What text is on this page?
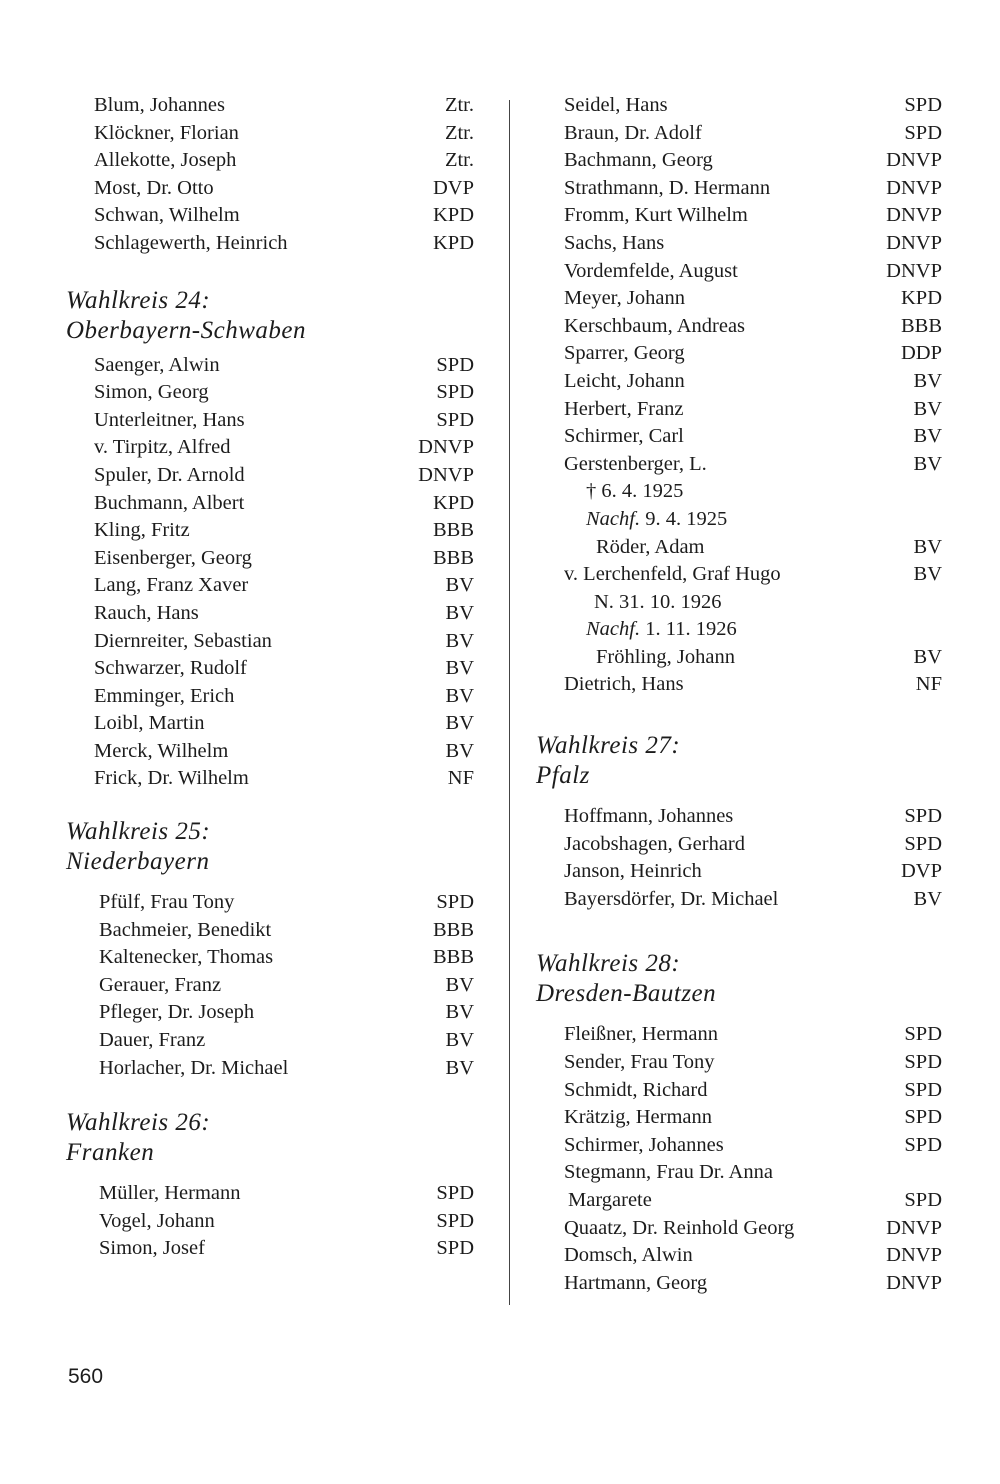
Blum, Johannes	Ztr.
Klöckner, Florian	Ztr.
Allekotte, Joseph	Ztr.
Most, Dr. Otto	DVP
Schwan, Wilhelm	KPD
Schlagewerth, Heinrich	KPD
Wahlkreis 24:
Oberbayern-Schwaben
Saenger, Alwin	SPD
Simon, Georg	SPD
Unterleitner, Hans	SPD
v. Tirpitz, Alfred	DNVP
Spuler, Dr. Arnold	DNVP
Buchmann, Albert	KPD
Kling, Fritz	BBB
Eisenberger, Georg	BBB
Lang, Franz Xaver	BV
Rauch, Hans	BV
Diernreiter, Sebastian	BV
Schwarzer, Rudolf	BV
Emminger, Erich	BV
Loibl, Martin	BV
Merck, Wilhelm	BV
Frick, Dr. Wilhelm	NF
Wahlkreis 25:
Niederbayern
Pfülf, Frau Tony	SPD
Bachmeier, Benedikt	BBB
Kaltenecker, Thomas	BBB
Gerauer, Franz	BV
Pfleger, Dr. Joseph	BV
Dauer, Franz	BV
Horlacher, Dr. Michael	BV
Wahlkreis 26:
Franken
Müller, Hermann	SPD
Vogel, Johann	SPD
Simon, Josef	SPD
Seidel, Hans	SPD
Braun, Dr. Adolf	SPD
Bachmann, Georg	DNVP
Strathmann, D. Hermann	DNVP
Fromm, Kurt Wilhelm	DNVP
Sachs, Hans	DNVP
Vordemfelde, August	DNVP
Meyer, Johann	KPD
Kerschbaum, Andreas	BBB
Sparrer, Georg	DDP
Leicht, Johann	BV
Herbert, Franz	BV
Schirmer, Carl	BV
Gerstenberger, L.	BV
† 6. 4. 1925
Nachf. 9. 4. 1925
Röder, Adam	BV
v. Lerchenfeld, Graf Hugo	BV
N. 31. 10. 1926
Nachf. 1. 11. 1926
Fröhling, Johann	BV
Dietrich, Hans	NF
Wahlkreis 27:
Pfalz
Hoffmann, Johannes	SPD
Jacobshagen, Gerhard	SPD
Janson, Heinrich	DVP
Bayersdörfer, Dr. Michael	BV
Wahlkreis 28:
Dresden-Bautzen
Fleißner, Hermann	SPD
Sender, Frau Tony	SPD
Schmidt, Richard	SPD
Krätzig, Hermann	SPD
Schirmer, Johannes	SPD
Stegmann, Frau Dr. Anna
Margarete	SPD
Quaatz, Dr. Reinhold Georg	DNVP
Domsch, Alwin	DNVP
Hartmann, Georg	DNVP
560
